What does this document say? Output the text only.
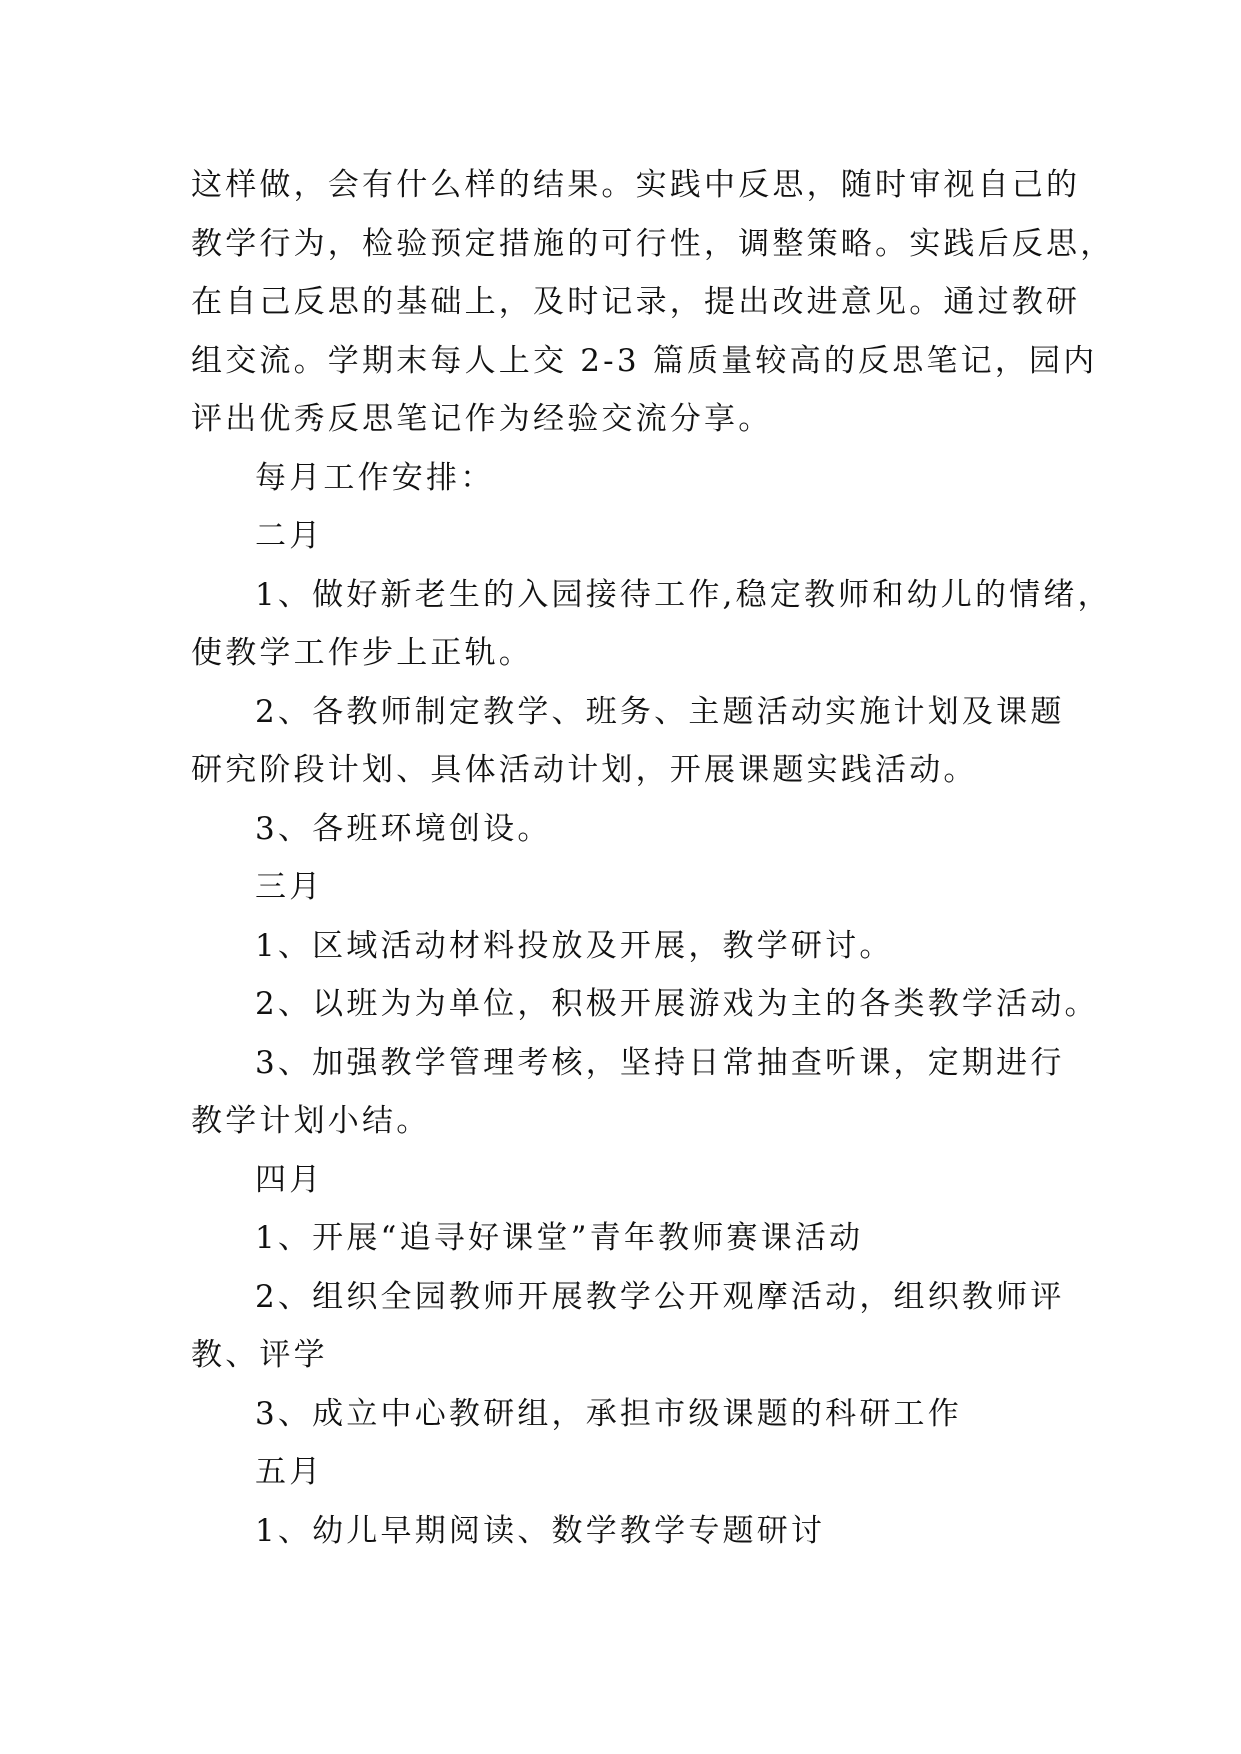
这样做，会有什么样的结果。实践中反思，随时审视自己的

教学行为，检验预定措施的可行性，调整策略。实践后反思，

在自己反思的基础上，及时记录，提出改进意见。通过教研

组交流。学期末每人上交 2-3 篇质量较高的反思笔记，园内

评出优秀反思笔记作为经验交流分享。

每月工作安排：

二月

1、做好新老生的入园接待工作,稳定教师和幼儿的情绪，

使教学工作步上正轨。

2、各教师制定教学、班务、主题活动实施计划及课题

研究阶段计划、具体活动计划，开展课题实践活动。

3、各班环境创设。

三月

1、区域活动材料投放及开展，教学研讨。

2、以班为为单位，积极开展游戏为主的各类教学活动。

3、加强教学管理考核，坚持日常抽查听课，定期进行

教学计划小结。

四月

1、开展“追寻好课堂”青年教师赛课活动

2、组织全园教师开展教学公开观摩活动，组织教师评

教、评学

3、成立中心教研组，承担市级课题的科研工作

五月

1、幼儿早期阅读、数学教学专题研讨
